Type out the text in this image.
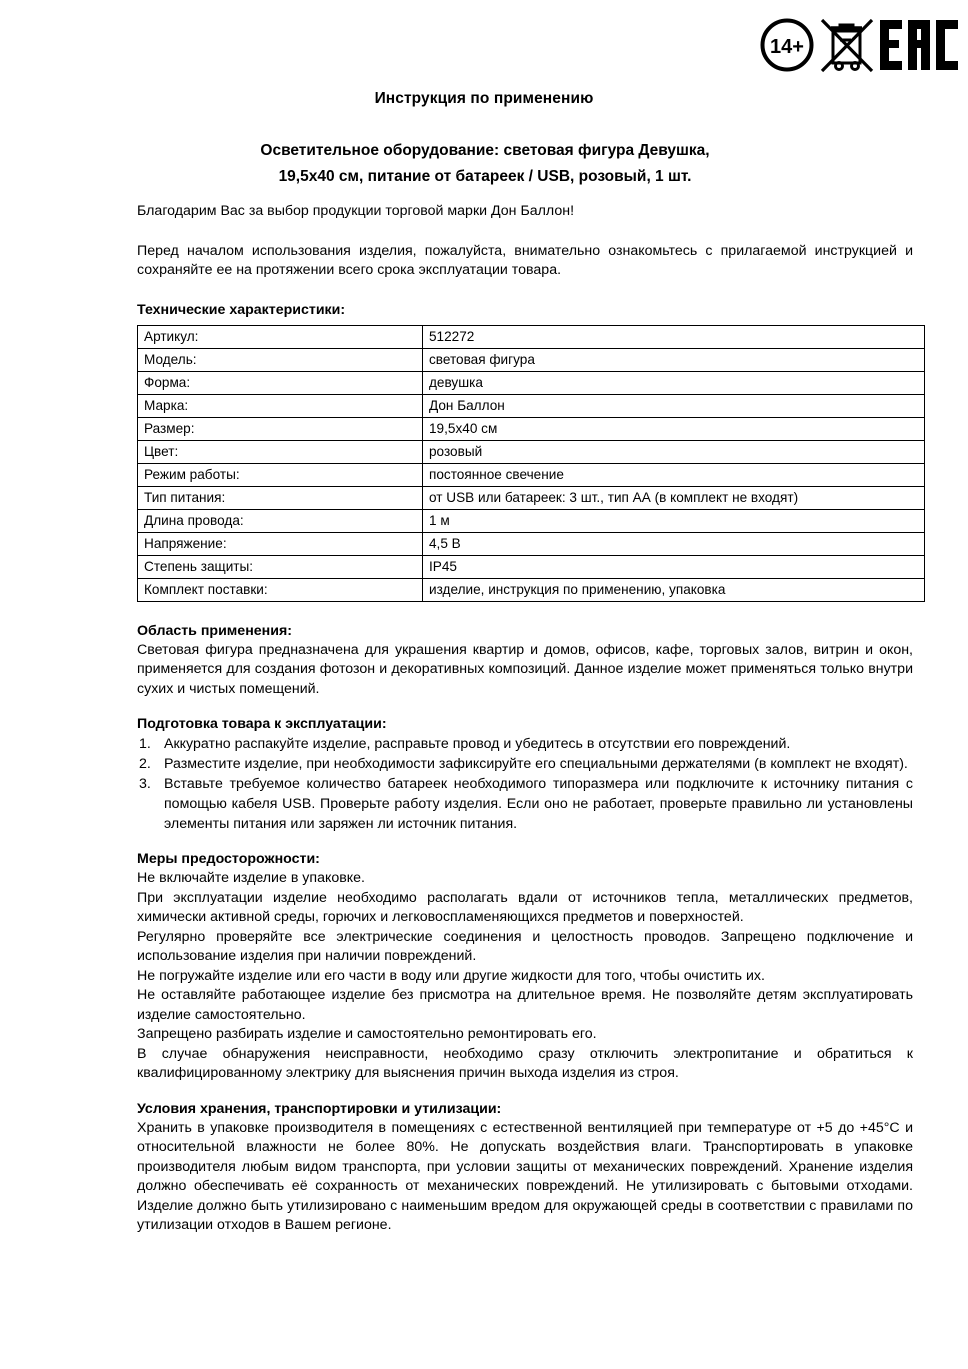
14+
Инструкция по применению
Осветительное оборудование: световая фигура Девушка,
19,5х40 см, питание от батареек / USB, розовый, 1 шт.

Благодарим Вас за выбор продукции торговой марки Дон Баллон!

Перед началом использования изделия, пожалуйста, внимательно ознакомьтесь с прилагаемой инструкцией и сохраняйте ее на протяжении всего срока эксплуатации товара.

Технические характеристики:
Артикул:	512272
Модель:	световая фигура
Форма:	девушка
Марка:	Дон Баллон
Размер:	19,5х40 см
Цвет:	розовый
Режим работы:	постоянное свечение
Тип питания:	от USB или батареек: 3 шт., тип АА (в комплект не входят)
Длина провода:	1 м
Напряжение:	4,5 В
Степень защиты:	IP45
Комплект поставки:	изделие, инструкция по применению, упаковка
Область применения:

Световая фигура предназначена для украшения квартир и домов, офисов, кафе, торговых залов, витрин и окон, применяется для создания фотозон и декоративных композиций. Данное изделие может применяться только внутри сухих и чистых помещений.

Подготовка товара к эксплуатации:
Аккуратно распакуйте изделие, расправьте провод и убедитесь в отсутствии его повреждений.
Разместите изделие, при необходимости зафиксируйте его специальными держателями (в комплект не входят).
Вставьте требуемое количество батареек необходимого типоразмера или подключите к источнику питания с помощью кабеля USB. Проверьте работу изделия. Если оно не работает, проверьте правильно ли установлены элементы питания или заряжен ли источник питания.
Меры предосторожности:

Не включайте изделие в упаковке.

При эксплуатации изделие необходимо располагать вдали от источников тепла, металлических предметов, химически активной среды, горючих и легковоспламеняющихся предметов и поверхностей.

Регулярно проверяйте все электрические соединения и целостность проводов. Запрещено подключение и использование изделия при наличии повреждений.

Не погружайте изделие или его части в воду или другие жидкости для того, чтобы очистить их.

Не оставляйте работающее изделие без присмотра на длительное время. Не позволяйте детям эксплуатировать изделие самостоятельно.

Запрещено разбирать изделие и самостоятельно ремонтировать его.

В случае обнаружения неисправности, необходимо сразу отключить электропитание и обратиться к квалифицированному электрику для выяснения причин выхода изделия из строя.

Условия хранения, транспортировки и утилизации:

Хранить в упаковке производителя в помещениях с естественной вентиляцией при температуре от +5 до +45°С и относительной влажности не более 80%. Не допускать воздействия влаги. Транспортировать в упаковке производителя любым видом транспорта, при условии защиты от механических повреждений. Хранение изделия должно обеспечивать её сохранность от механических повреждений. Не утилизировать с бытовыми отходами. Изделие должно быть утилизировано с наименьшим вредом для окружающей среды в соответствии с правилами по утилизации отходов в Вашем регионе.
